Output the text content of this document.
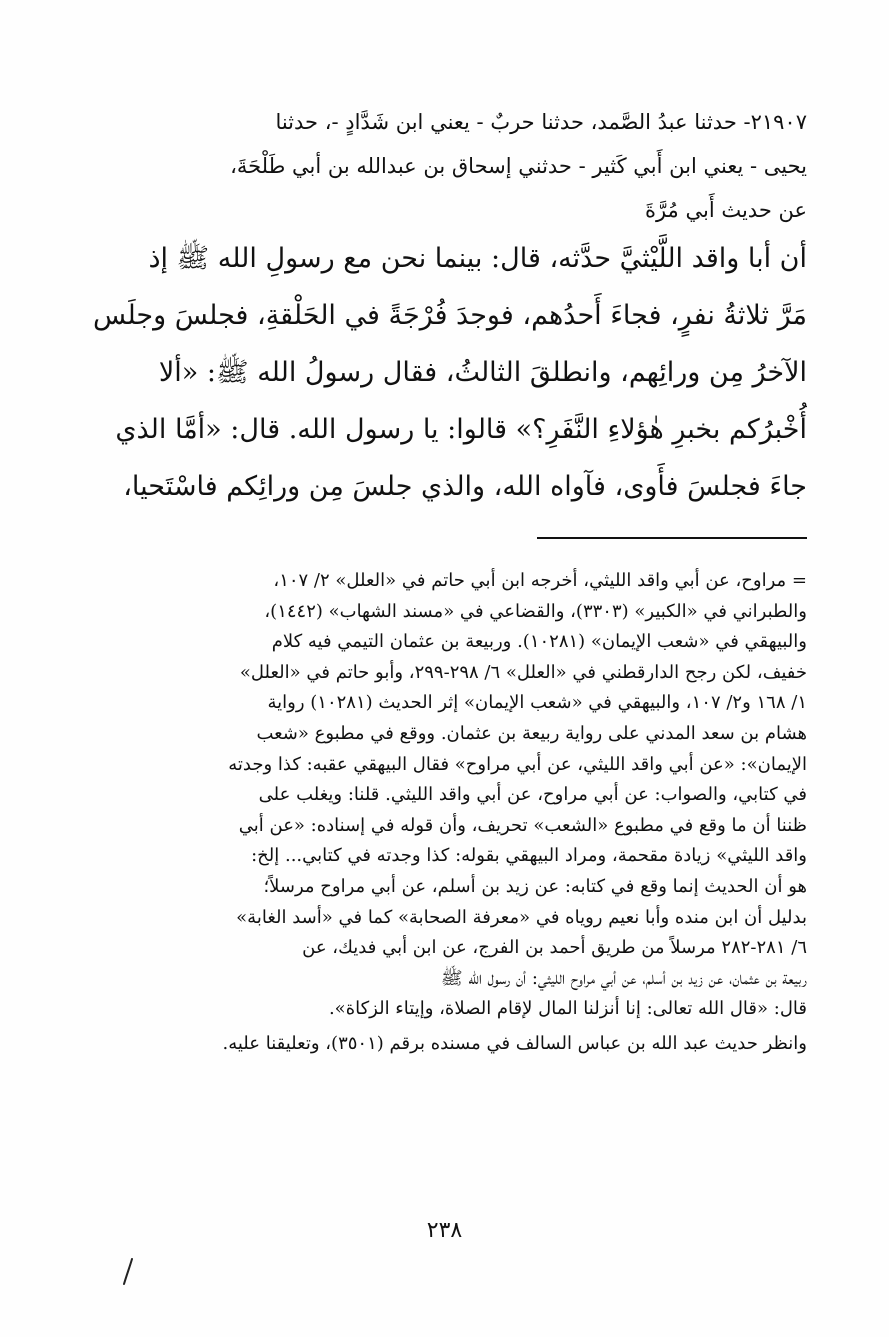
٢١٩٠٧- حدثنا عبدُ الصَّمد، حدثنا حربٌ - يعني ابن شَدَّادٍ -، حدثنا
يحيى - يعني ابن أَبي كَثير - حدثني إسحاق بن عبدالله بن أبي طَلْحَةَ،
عن حديث أَبي مُرَّةَ
أن أبا واقد اللَّيْثيَّ حدَّثه، قال: بينما نحن مع رسولِ الله ﷺ إذ
مَرَّ ثلاثةُ نفرٍ، فجاءَ أَحدُهم، فوجدَ فُرْجَةً في الحَلْقةِ، فجلسَ وجلَس
الآخرُ مِن ورائِهم، وانطلقَ الثالثُ، فقال رسولُ الله ﷺ: «ألا
أُخْبرُكم بخبرِ هٰؤلاءِ النَّفَرِ؟» قالوا: يا رسول الله. قال: «أمَّا الذي
جاءَ فجلسَ فأَوى، فآواه الله، والذي جلسَ مِن ورائِكم فاسْتَحيا،
= مراوح، عن أبي واقد الليثي، أخرجه ابن أبي حاتم في «العلل» ٢/ ١٠٧،
والطبراني في «الكبير» (٣٣٠٣)، والقضاعي في «مسند الشهاب» (١٤٤٢)،
والبيهقي في «شعب الإيمان» (١٠٢٨١). وربيعة بن عثمان التيمي فيه كلام
خفيف، لكن رجح الدارقطني في «العلل» ٦/ ٢٩٨-٢٩٩، وأبو حاتم في «العلل»
١/ ١٦٨ و٢/ ١٠٧، والبيهقي في «شعب الإيمان» إثر الحديث (١٠٢٨١) رواية
هشام بن سعد المدني على رواية ربيعة بن عثمان. ووقع في مطبوع «شعب
الإيمان»: «عن أبي واقد الليثي، عن أبي مراوح» فقال البيهقي عقبه: كذا وجدته
في كتابي، والصواب: عن أبي مراوح، عن أبي واقد الليثي. قلنا: ويغلب على
ظننا أن ما وقع في مطبوع «الشعب» تحريف، وأن قوله في إسناده: «عن أبي
واقد الليثي» زيادة مقحمة، ومراد البيهقي بقوله: كذا وجدته في كتابي... إلخ:
هو أن الحديث إنما وقع في كتابه: عن زيد بن أسلم، عن أبي مراوح مرسلاً؛
بدليل أن ابن منده وأبا نعيم روياه في «معرفة الصحابة» كما في «أسد الغابة»
٦/ ٢٨١-٢٨٢ مرسلاً من طريق أحمد بن الفرج، عن ابن أبي فديك، عن
ربيعة بن عثمان، عن زيد بن أسلم، عن أبي مراوح الليثي: أن رسول الله ﷺ
قال: «قال الله تعالى: إنا أنزلنا المال لإقام الصلاة، وإيتاء الزكاة».
وانظر حديث عبد الله بن عباس السالف في مسنده برقم (٣٥٠١)، وتعليقنا عليه.
٢٣٨
